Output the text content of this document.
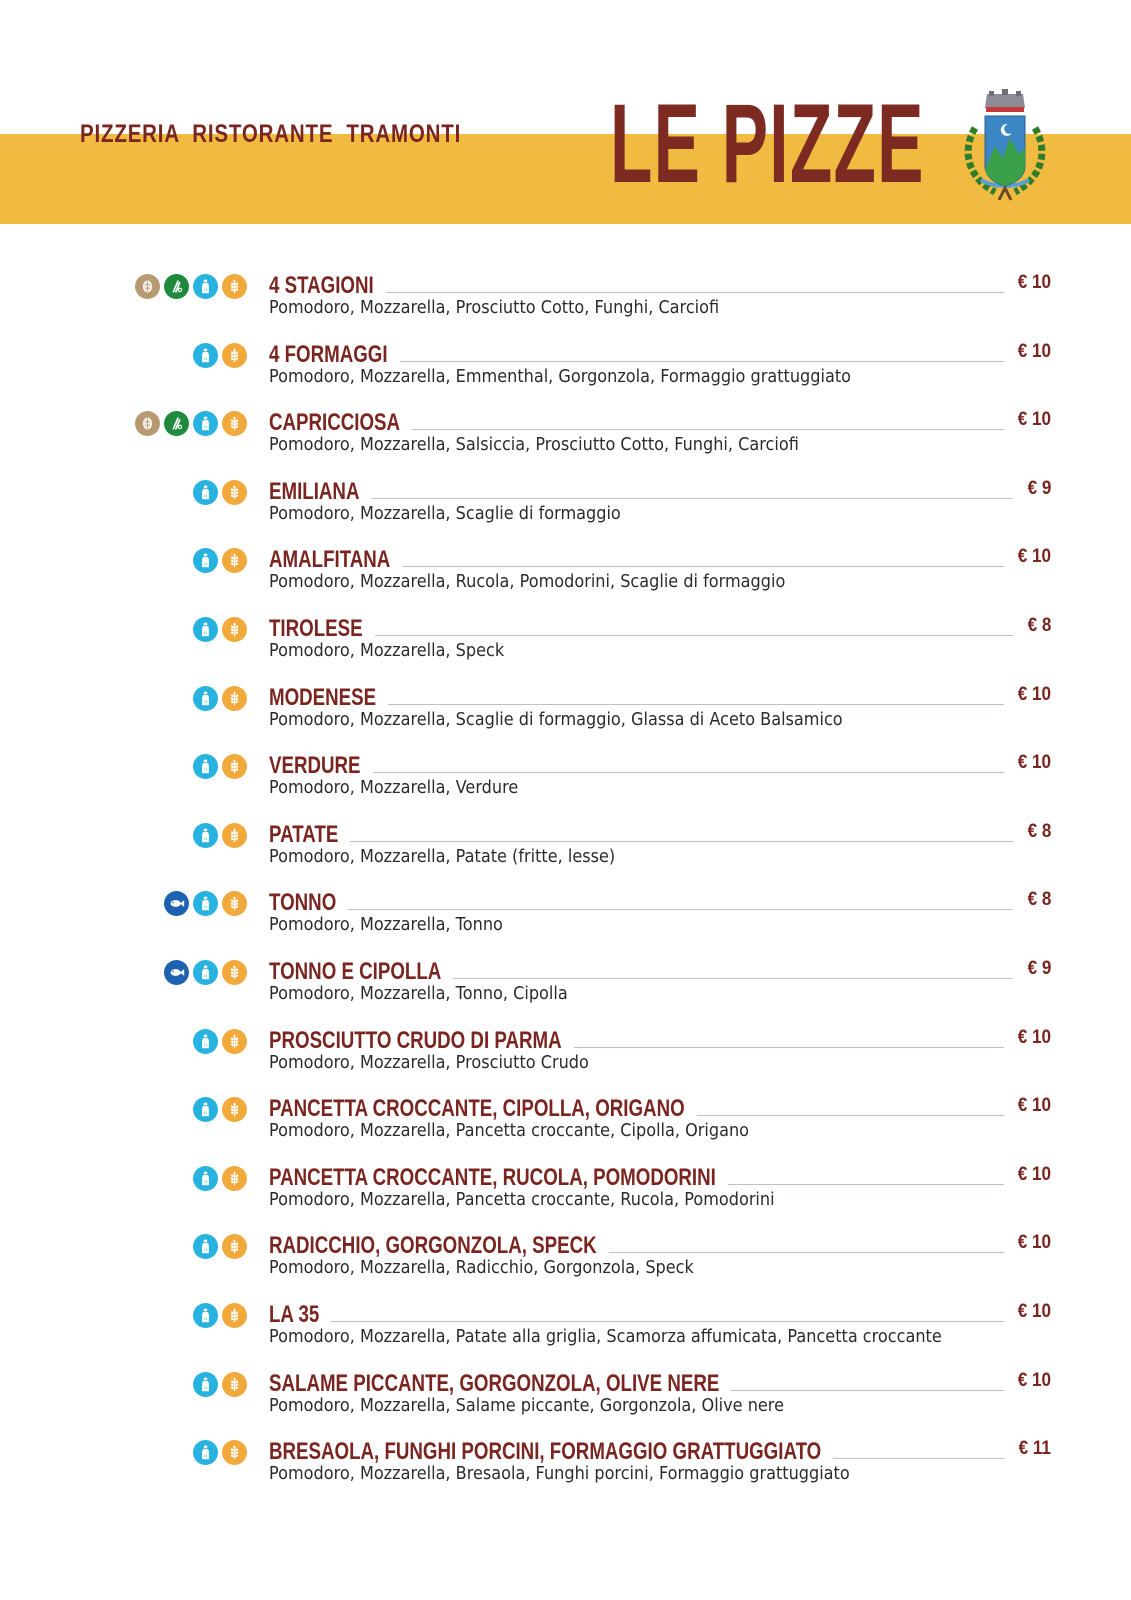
PIZZERIA RISTORANTE TRAMONTI LE PIZZE
Lt	4 STAGIONI	€ 10
Pomodoro, Mozzarella, Prosciutto Cotto, Funghi, Carciofi
Lt	4 FORMAGGI	€ 10
Pomodoro, Mozzarella, Emmenthal, Gorgonzola, Formaggio grattuggiato
Lt	CAPRICCIOSA	€ 10
Pomodoro, Mozzarella, Salsiccia, Prosciutto Cotto, Funghi, Carciofi
Lt	EMILIANA	€ 9
Pomodoro, Mozzarella, Scaglie di formaggio
Lt	AMALFITANA	€ 10
Pomodoro, Mozzarella, Rucola, Pomodorini, Scaglie di formaggio
Lt	TIROLESE	€ 8
Pomodoro, Mozzarella, Speck
Lt	MODENESE	€ 10
Pomodoro, Mozzarella, Scaglie di formaggio, Glassa di Aceto Balsamico
Lt	VERDURE	€ 10
Pomodoro, Mozzarella, Verdure
Lt	PATATE	€ 8
Pomodoro, Mozzarella, Patate (fritte, lesse)
Lt	TONNO	€ 8
Pomodoro, Mozzarella, Tonno
Lt	TONNO E CIPOLLA	€ 9
Pomodoro, Mozzarella, Tonno, Cipolla
Lt	PROSCIUTTO CRUDO DI PARMA	€ 10
Pomodoro, Mozzarella, Prosciutto Crudo
Lt	PANCETTA CROCCANTE, CIPOLLA, ORIGANO	€ 10
Pomodoro, Mozzarella, Pancetta croccante, Cipolla, Origano
Lt	PANCETTA CROCCANTE, RUCOLA, POMODORINI	€ 10
Pomodoro, Mozzarella, Pancetta croccante, Rucola, Pomodorini
Lt	RADICCHIO, GORGONZOLA, SPECK	€ 10
Pomodoro, Mozzarella, Radicchio, Gorgonzola, Speck
Lt	LA 35	€ 10
Pomodoro, Mozzarella, Patate alla griglia, Scamorza affumicata, Pancetta croccante
Lt	SALAME PICCANTE, GORGONZOLA, OLIVE NERE	€ 10
Pomodoro, Mozzarella, Salame piccante, Gorgonzola, Olive nere
Lt	BRESAOLA, FUNGHI PORCINI, FORMAGGIO GRATTUGGIATO	€ 11
Pomodoro, Mozzarella, Bresaola, Funghi porcini, Formaggio grattuggiato
